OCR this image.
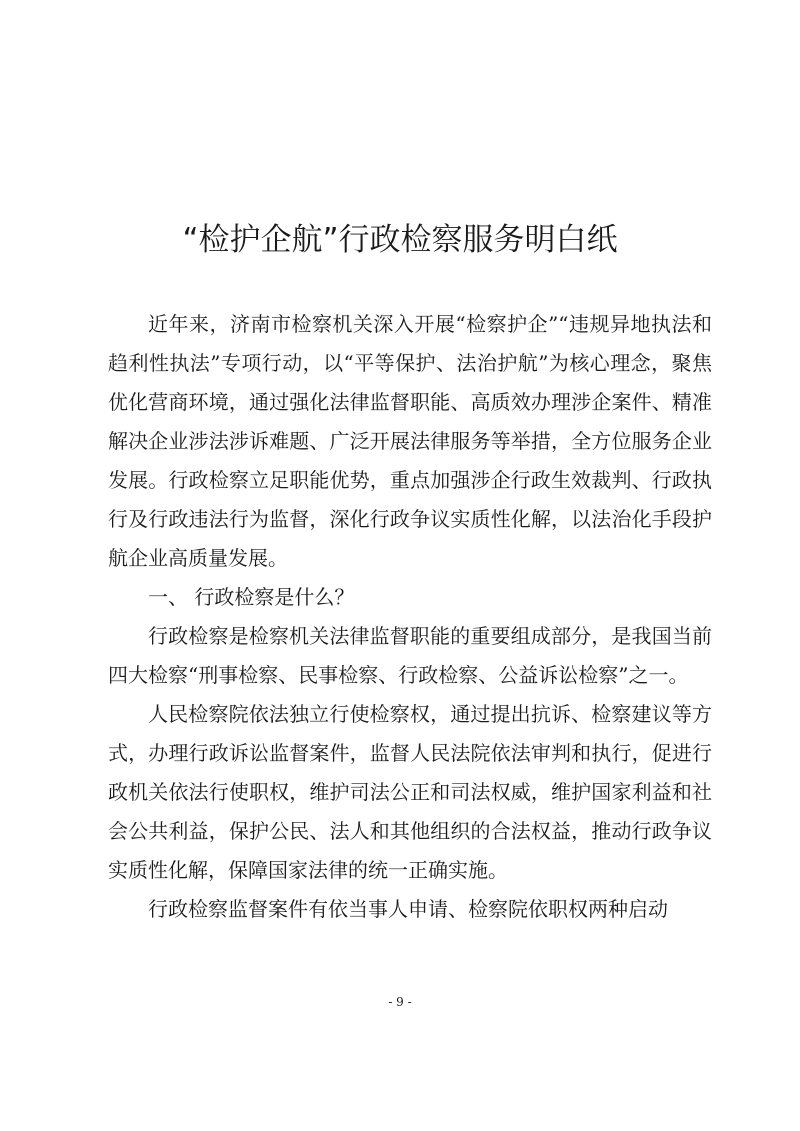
“检护企航”行政检察服务明白纸

近年来，济南市检察机关深入开展“检察护企”“违规异地执法和趋利性执法”专项行动，以“平等保护、法治护航”为核心理念，聚焦优化营商环境，通过强化法律监督职能、高质效办理涉企案件、精准解决企业涉法涉诉难题、广泛开展法律服务等举措，全方位服务企业发展。行政检察立足职能优势，重点加强涉企行政生效裁判、行政执行及行政违法行为监督，深化行政争议实质性化解，以法治化手段护航企业高质量发展。

一、 行政检察是什么？

行政检察是检察机关法律监督职能的重要组成部分，是我国当前四大检察“刑事检察、民事检察、行政检察、公益诉讼检察”之一。

人民检察院依法独立行使检察权，通过提出抗诉、检察建议等方式，办理行政诉讼监督案件，监督人民法院依法审判和执行，促进行政机关依法行使职权，维护司法公正和司法权威，维护国家利益和社会公共利益，保护公民、法人和其他组织的合法权益，推动行政争议实质性化解，保障国家法律的统一正确实施。

行政检察监督案件有依当事人申请、检察院依职权两种启动

- 9 -
